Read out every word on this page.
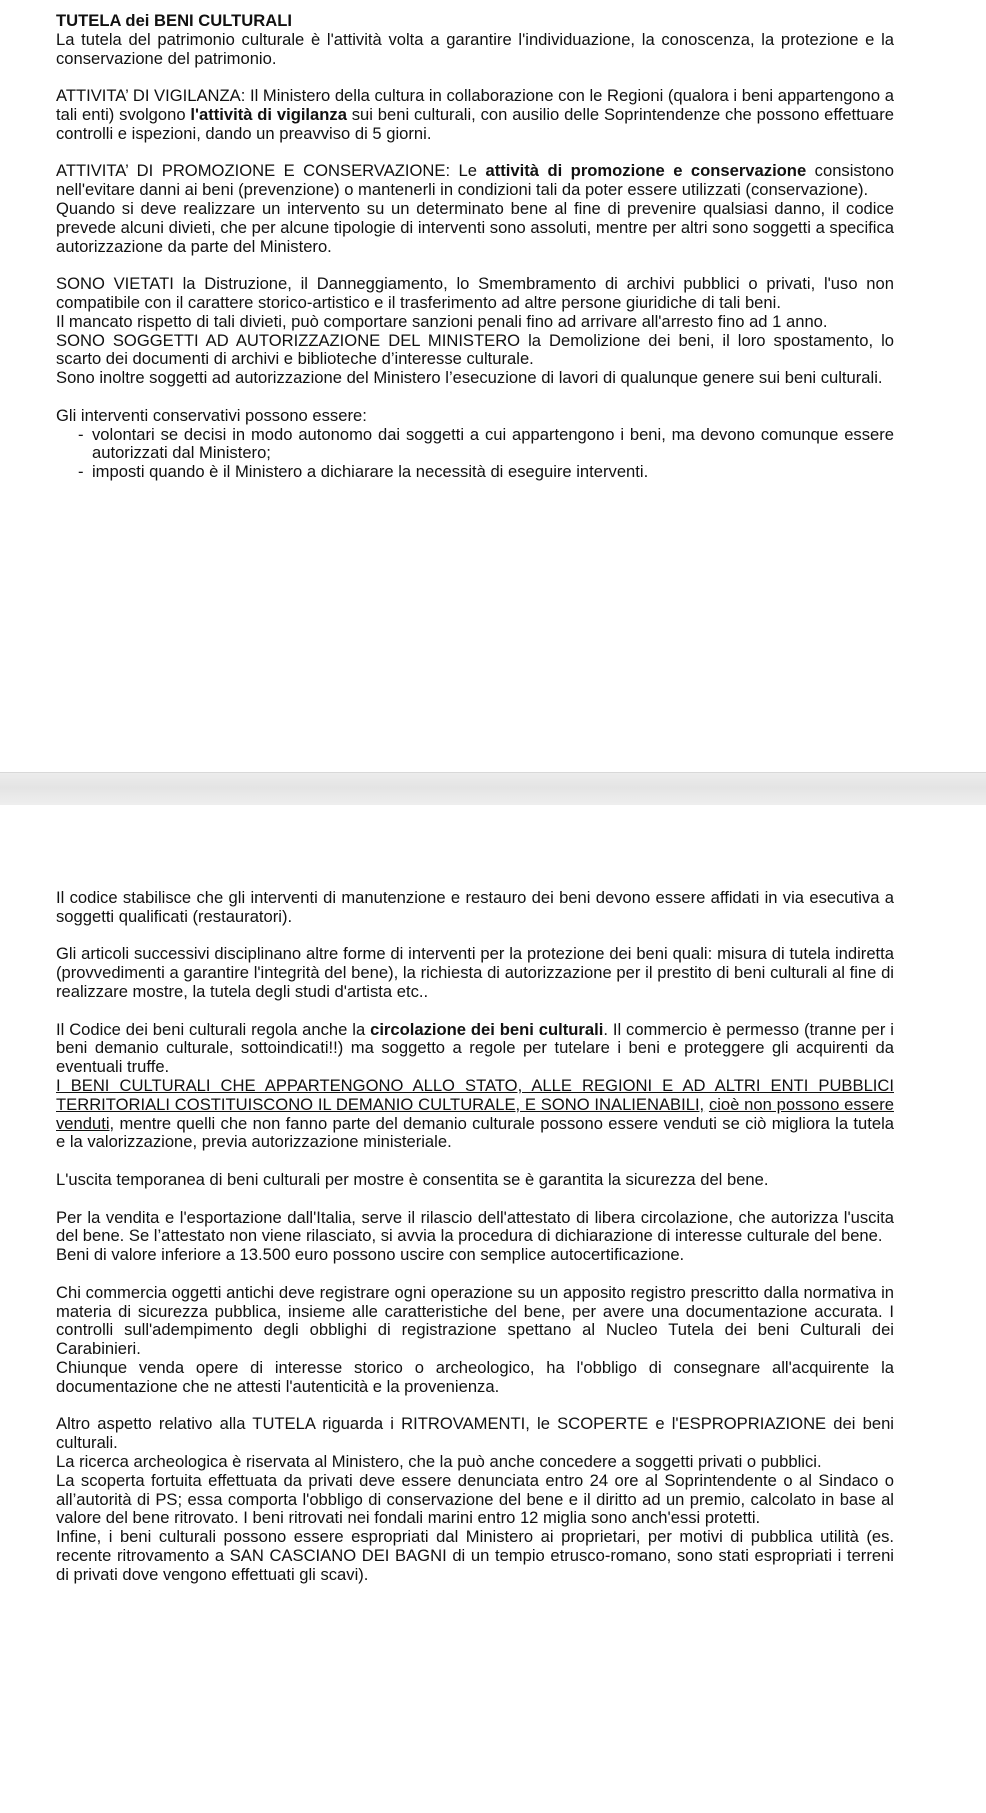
TUTELA dei BENI CULTURALI

La tutela del patrimonio culturale è l'attività volta a garantire l'individuazione, la conoscenza, la protezione e la conservazione del patrimonio.

ATTIVITA’ DI VIGILANZA: Il Ministero della cultura in collaborazione con le Regioni (qualora i beni appartengono a tali enti) svolgono l'attività di vigilanza sui beni culturali, con ausilio delle Soprintendenze che possono effettuare controlli e ispezioni, dando un preavviso di 5 giorni.

ATTIVITA’ DI PROMOZIONE E CONSERVAZIONE: Le attività di promozione e conservazione consistono nell'evitare danni ai beni (prevenzione) o mantenerli in condizioni tali da poter essere utilizzati (conservazione).

Quando si deve realizzare un intervento su un determinato bene al fine di prevenire qualsiasi danno, il codice prevede alcuni divieti, che per alcune tipologie di interventi sono assoluti, mentre per altri sono soggetti a specifica autorizzazione da parte del Ministero.

SONO VIETATI la Distruzione, il Danneggiamento, lo Smembramento di archivi pubblici o privati, l'uso non compatibile con il carattere storico-artistico e il trasferimento ad altre persone giuridiche di tali beni.

Il mancato rispetto di tali divieti, può comportare sanzioni penali fino ad arrivare all'arresto fino ad 1 anno.

SONO SOGGETTI AD AUTORIZZAZIONE DEL MINISTERO la Demolizione dei beni, il loro spostamento, lo scarto dei documenti di archivi e biblioteche d’interesse culturale.

Sono inoltre soggetti ad autorizzazione del Ministero l’esecuzione di lavori di qualunque genere sui beni culturali.

Gli interventi conservativi possono essere:

- volontari se decisi in modo autonomo dai soggetti a cui appartengono i beni, ma devono comunque essere autorizzati dal Ministero;
- imposti quando è il Ministero a dichiarare la necessità di eseguire interventi.

Il codice stabilisce che gli interventi di manutenzione e restauro dei beni devono essere affidati in via esecutiva a soggetti qualificati (restauratori).

Gli articoli successivi disciplinano altre forme di interventi per la protezione dei beni quali: misura di tutela indiretta (provvedimenti a garantire l'integrità del bene), la richiesta di autorizzazione per il prestito di beni culturali al fine di realizzare mostre, la tutela degli studi d'artista etc..

Il Codice dei beni culturali regola anche la circolazione dei beni culturali. Il commercio è permesso (tranne per i beni demanio culturale, sottoindicati!!) ma soggetto a regole per tutelare i beni e proteggere gli acquirenti da eventuali truffe.

I BENI CULTURALI CHE APPARTENGONO ALLO STATO, ALLE REGIONI E AD ALTRI ENTI PUBBLICI TERRITORIALI COSTITUISCONO IL DEMANIO CULTURALE, E SONO INALIENABILI, cioè non possono essere venduti, mentre quelli che non fanno parte del demanio culturale possono essere venduti se ciò migliora la tutela e la valorizzazione, previa autorizzazione ministeriale.

L'uscita temporanea di beni culturali per mostre è consentita se è garantita la sicurezza del bene.

Per la vendita e l'esportazione dall'Italia, serve il rilascio dell'attestato di libera circolazione, che autorizza l'uscita del bene. Se l’attestato non viene rilasciato, si avvia la procedura di dichiarazione di interesse culturale del bene.

Beni di valore inferiore a 13.500 euro possono uscire con semplice autocertificazione.

Chi commercia oggetti antichi deve registrare ogni operazione su un apposito registro prescritto dalla normativa in materia di sicurezza pubblica, insieme alle caratteristiche del bene, per avere una documentazione accurata. I controlli sull'adempimento degli obblighi di registrazione spettano al Nucleo Tutela dei beni Culturali dei Carabinieri.

Chiunque venda opere di interesse storico o archeologico, ha l'obbligo di consegnare all'acquirente la documentazione che ne attesti l'autenticità e la provenienza.

Altro aspetto relativo alla TUTELA riguarda i RITROVAMENTI, le SCOPERTE e l'ESPROPRIAZIONE dei beni culturali.

La ricerca archeologica è riservata al Ministero, che la può anche concedere a soggetti privati o pubblici.

La scoperta fortuita effettuata da privati deve essere denunciata entro 24 ore al Soprintendente o al Sindaco o all’autorità di PS; essa comporta l'obbligo di conservazione del bene e il diritto ad un premio, calcolato in base al valore del bene ritrovato. I beni ritrovati nei fondali marini entro 12 miglia sono anch'essi protetti.

Infine, i beni culturali possono essere espropriati dal Ministero ai proprietari, per motivi di pubblica utilità (es. recente ritrovamento a SAN CASCIANO DEI BAGNI di un tempio etrusco-romano, sono stati espropriati i terreni di privati dove vengono effettuati gli scavi).
